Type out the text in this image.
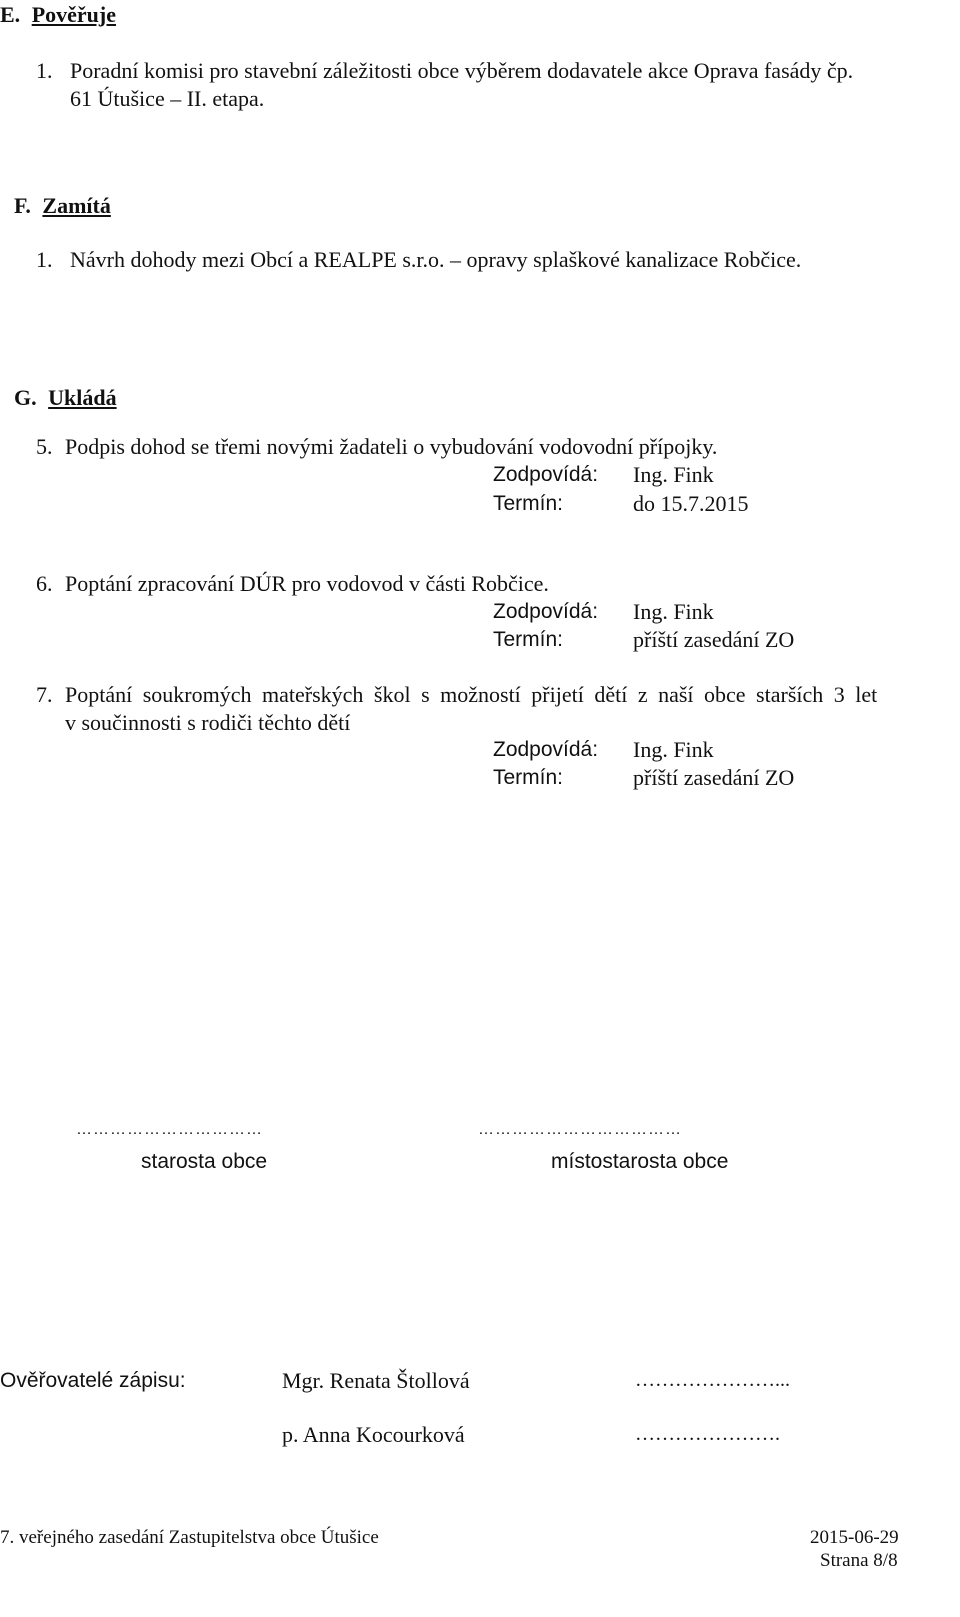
E. Pověřuje
1. Poradní komisi pro stavební záležitosti obce výběrem dodavatele akce Oprava fasády čp.
61 Útušice – II. etapa.
F. Zamítá
1. Návrh dohody mezi Obcí a REALPE s.r.o. – opravy splaškové kanalizace Robčice.
G. Ukládá
5. Podpis dohod se třemi novými žadateli o vybudování vodovodní přípojky.
Zodpovídá: Ing. Fink
Termín:	do 15.7.2015
6. Poptání zpracování DÚR pro vodovod v části Robčice.
Zodpovídá: Ing. Fink
Termín:	příští zasedání ZO
7. Poptání soukromých mateřských škol s možností přijetí dětí z naší obce starších 3 let
v součinnosti s rodiči těchto dětí
Zodpovídá: Ing. Fink
Termín:	příští zasedání ZO
……………………………
starosta obce
………………………………
místostarosta obce
Ověřovatelé zápisu:	Mgr. Renata Štollová	…………………...
p. Anna Kocourková	………………….
7. veřejného zasedání Zastupitelstva obce Útušice	2015-06-29
Strana 8/8
